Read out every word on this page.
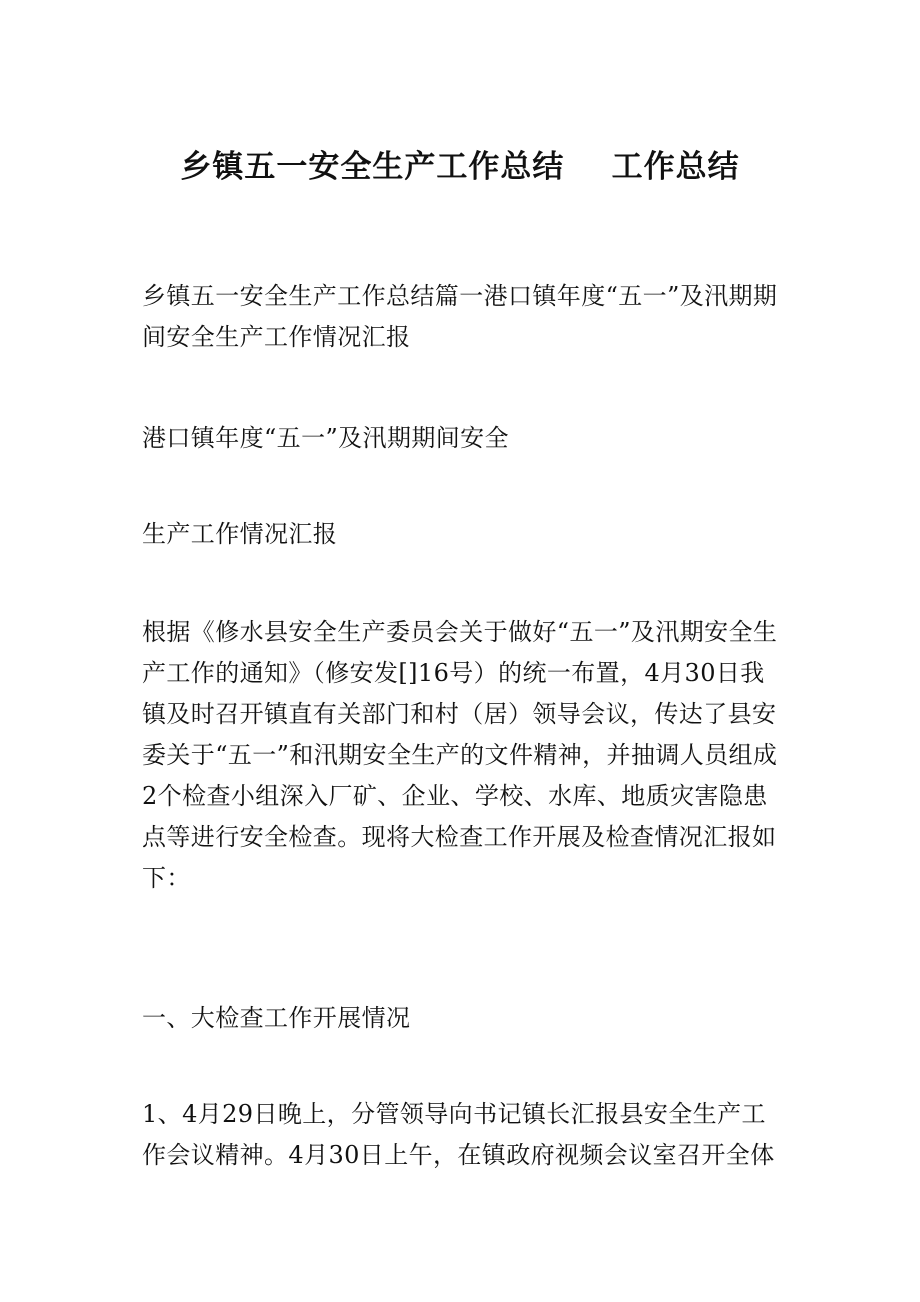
乡镇五一安全生产工作总结    工作总结

乡镇五一安全生产工作总结篇一港口镇年度“五一”及汛期期间安全生产工作情况汇报

港口镇年度“五一”及汛期期间安全

生产工作情况汇报

根据《修水县安全生产委员会关于做好“五一”及汛期安全生产工作的通知》（修安发[]16号）的统一布置，4月30日我镇及时召开镇直有关部门和村（居）领导会议，传达了县安委关于“五一”和汛期安全生产的文件精神，并抽调人员组成2个检查小组深入厂矿、企业、学校、水库、地质灾害隐患点等进行安全检查。现将大检查工作开展及检查情况汇报如下：

一、大检查工作开展情况

1、4月29日晚上，分管领导向书记镇长汇报县安全生产工作会议精神。4月30日上午，在镇政府视频会议室召开全体
